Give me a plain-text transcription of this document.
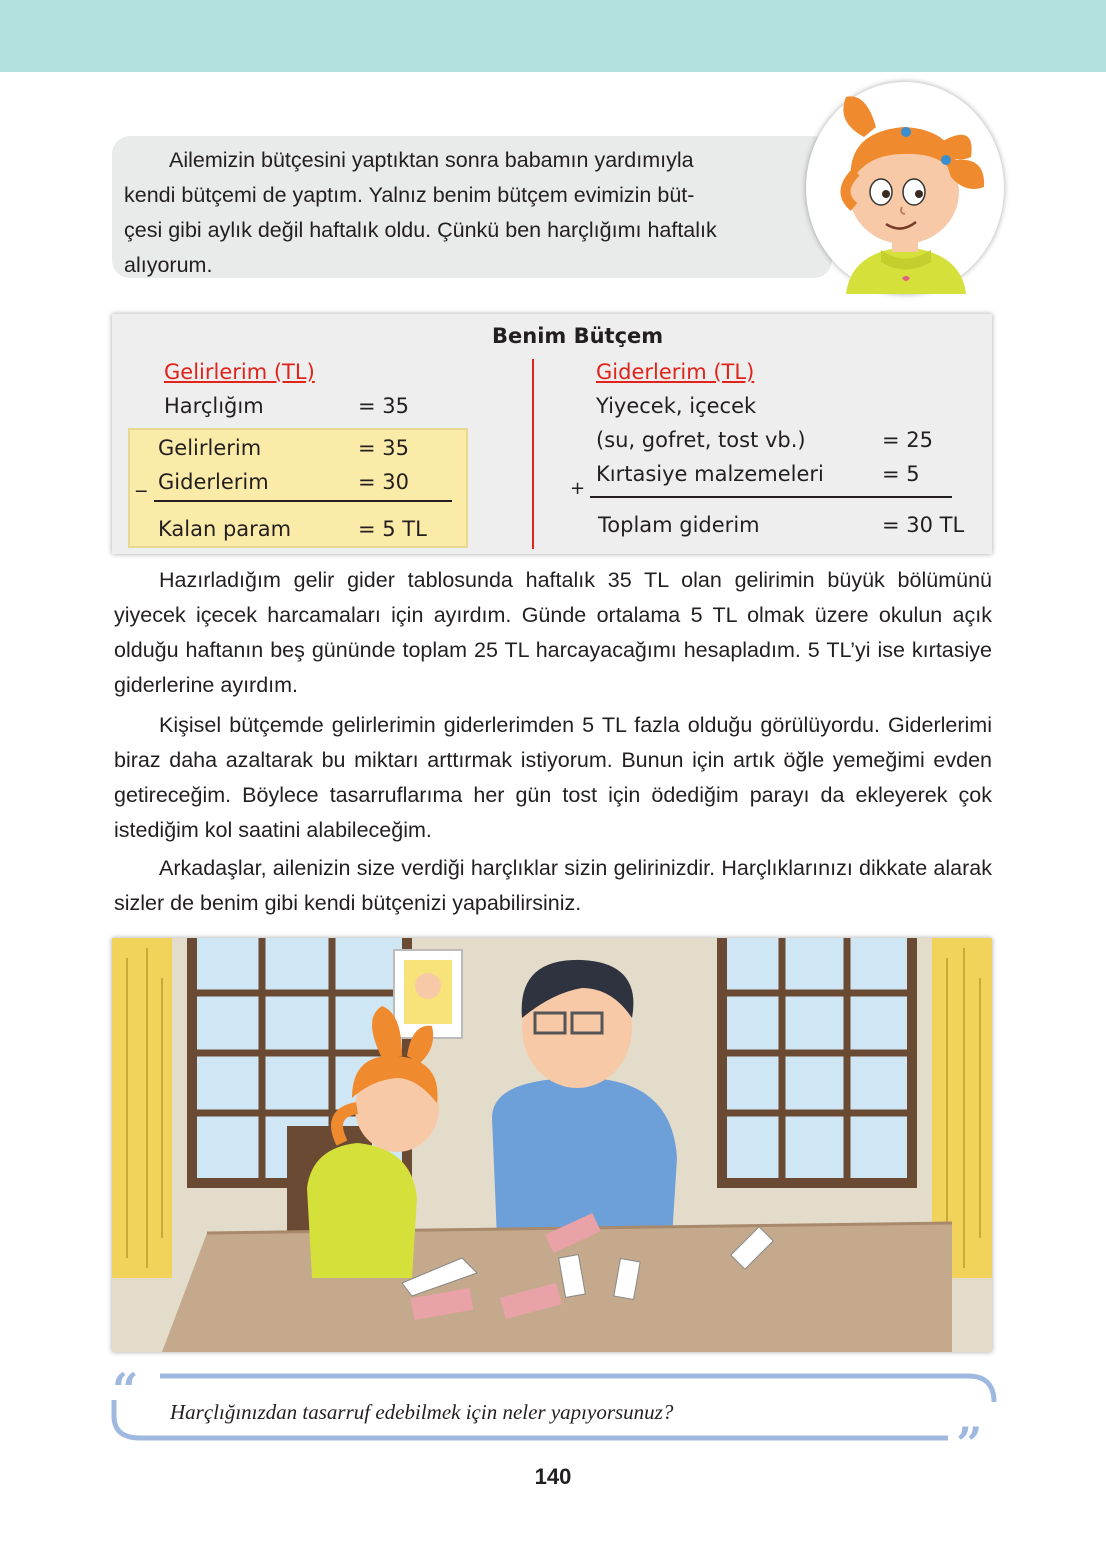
Ailemizin bütçesini yaptıktan sonra babamın yardımıyla
kendi bütçemi de yaptım. Yalnız benim bütçem evimizin büt-
çesi gibi aylık değil haftalık oldu. Çünkü ben harçlığımı haftalık
alıyorum.
Benim Bütçem
Gelirlerim (TL)
Harçlığım	= 35
Gelirlerim	= 35
_ Giderlerim	= 30
Kalan param	= 5 TL
Giderlerim (TL)
Yiyecek, içecek
(su, gofret, tost vb.)	= 25
Kırtasiye malzemeleri	= 5
+
Toplam giderim	= 30 TL
Hazırladığım gelir gider tablosunda haftalık 35 TL olan gelirimin büyük bölümünü yiyecek içecek harcamaları için ayırdım. Günde ortalama 5 TL olmak üzere okulun açık olduğu haftanın beş gününde toplam 25 TL harcayacağımı hesapladım. 5 TL’yi ise kırtasiye giderlerine ayırdım.
Kişisel bütçemde gelirlerimin giderlerimden 5 TL fazla olduğu görülüyordu. Giderlerimi biraz daha azaltarak bu miktarı arttırmak istiyorum. Bunun için artık öğle yemeğimi evden getireceğim. Böylece tasarruflarıma her gün tost için ödediğim parayı da ekleyerek çok istediğim kol saatini alabileceğim.
Arkadaşlar, ailenizin size verdiği harçlıklar sizin gelirinizdir. Harçlıklarınızı dikkate alarak sizler de benim gibi kendi bütçenizi yapabilirsiniz.
“
”
Harçlığınızdan tasarruf edebilmek için neler yapıyorsunuz?
140
